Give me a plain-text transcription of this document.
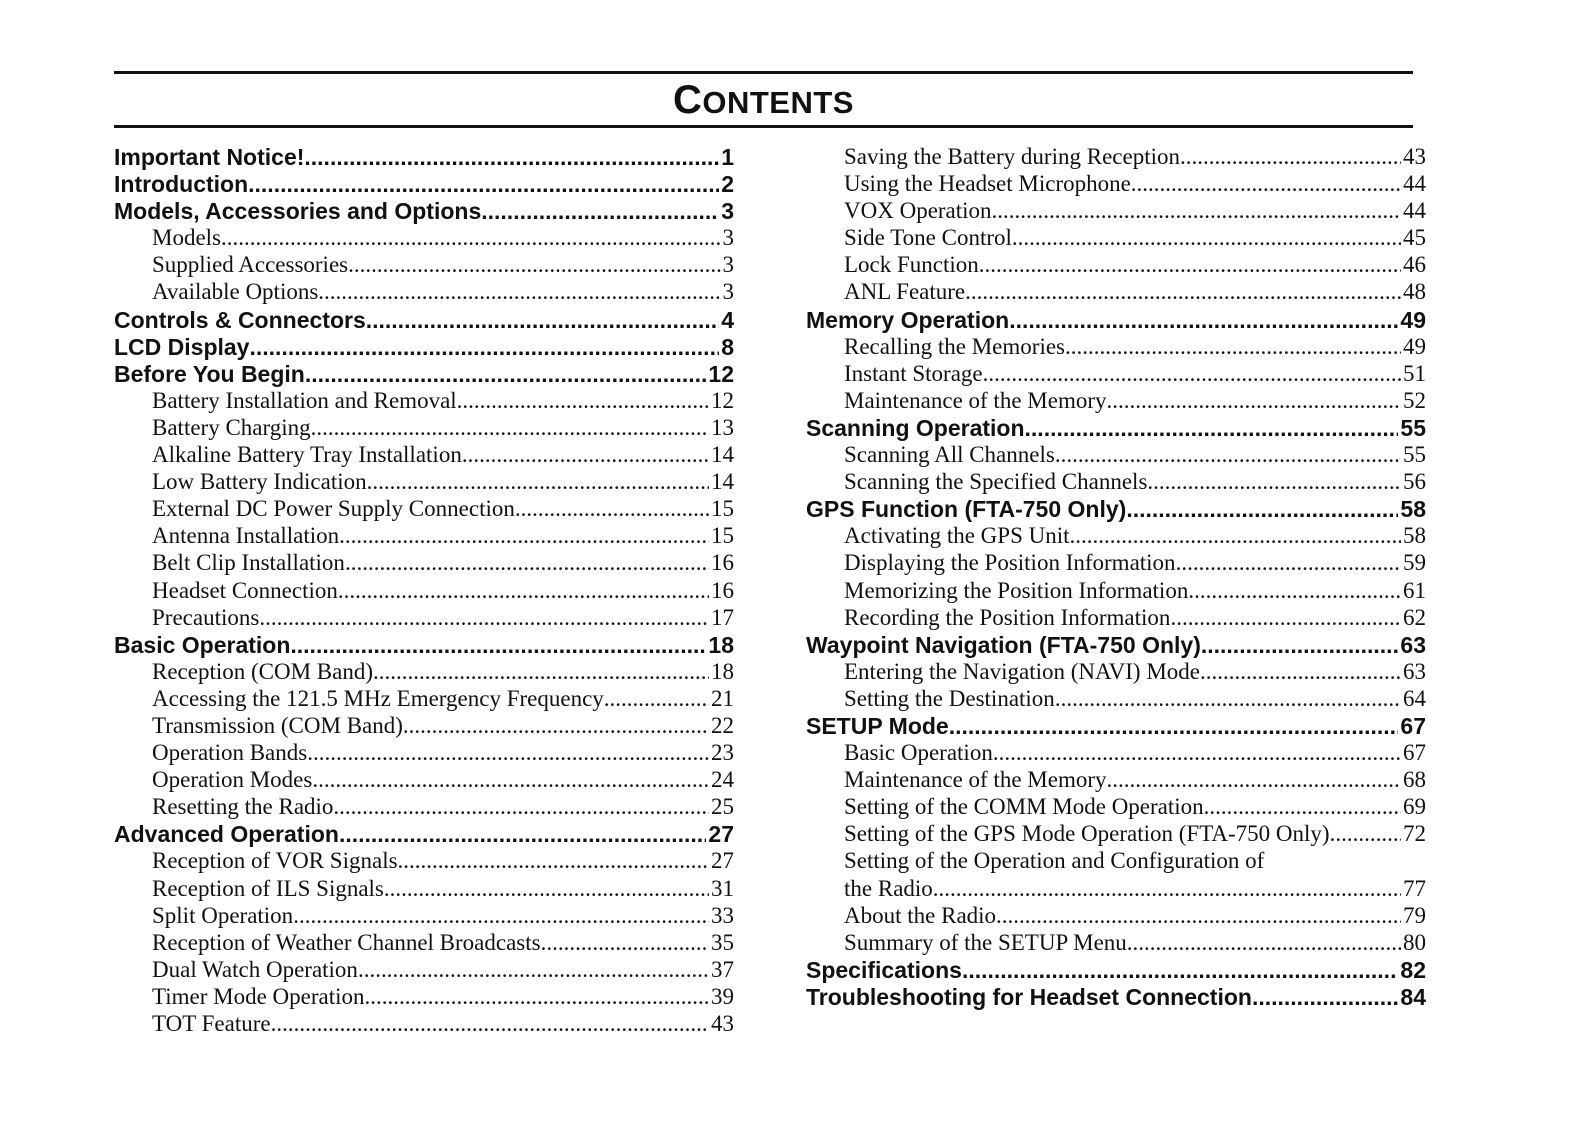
CONTENTS
Important Notice! .....	1
Introduction .....	2
Models, Accessories and Options .....	3
Models .....	3
Supplied Accessories .....	3
Available Options .....	3
Controls & Connectors .....	4
LCD Display .....	8
Before You Begin .....	12
Battery Installation and Removal .....	12
Battery Charging .....	13
Alkaline Battery Tray Installation .....	14
Low Battery Indication .....	14
External DC Power Supply Connection .....	15
Antenna Installation .....	15
Belt Clip Installation .....	16
Headset Connection .....	16
Precautions .....	17
Basic Operation .....	18
Reception (COM Band) .....	18
Accessing the 121.5 MHz Emergency Frequency .....	21
Transmission (COM Band) .....	22
Operation Bands .....	23
Operation Modes .....	24
Resetting the Radio .....	25
Advanced Operation .....	27
Reception of VOR Signals .....	27
Reception of ILS Signals .....	31
Split Operation .....	33
Reception of Weather Channel Broadcasts .....	35
Dual Watch Operation .....	37
Timer Mode Operation .....	39
TOT Feature .....	43
Saving the Battery during Reception .....	43
Using the Headset Microphone .....	44
VOX Operation .....	44
Side Tone Control .....	45
Lock Function .....	46
ANL Feature .....	48
Memory Operation .....	49
Recalling the Memories .....	49
Instant Storage .....	51
Maintenance of the Memory .....	52
Scanning Operation .....	55
Scanning All Channels .....	55
Scanning the Specified Channels .....	56
GPS Function (FTA-750 Only) .....	58
Activating the GPS Unit .....	58
Displaying the Position Information .....	59
Memorizing the Position Information .....	61
Recording the Position Information .....	62
Waypoint Navigation (FTA-750 Only) .....	63
Entering the Navigation (NAVI) Mode .....	63
Setting the Destination .....	64
SETUP Mode .....	67
Basic Operation .....	67
Maintenance of the Memory .....	68
Setting of the COMM Mode Operation .....	69
Setting of the GPS Mode Operation (FTA-750 Only) .....	72
Setting of the Operation and Configuration of
the Radio .....	77
About the Radio .....	79
Summary of the SETUP Menu .....	80
Specifications .....	82
Troubleshooting for Headset Connection .....	84
